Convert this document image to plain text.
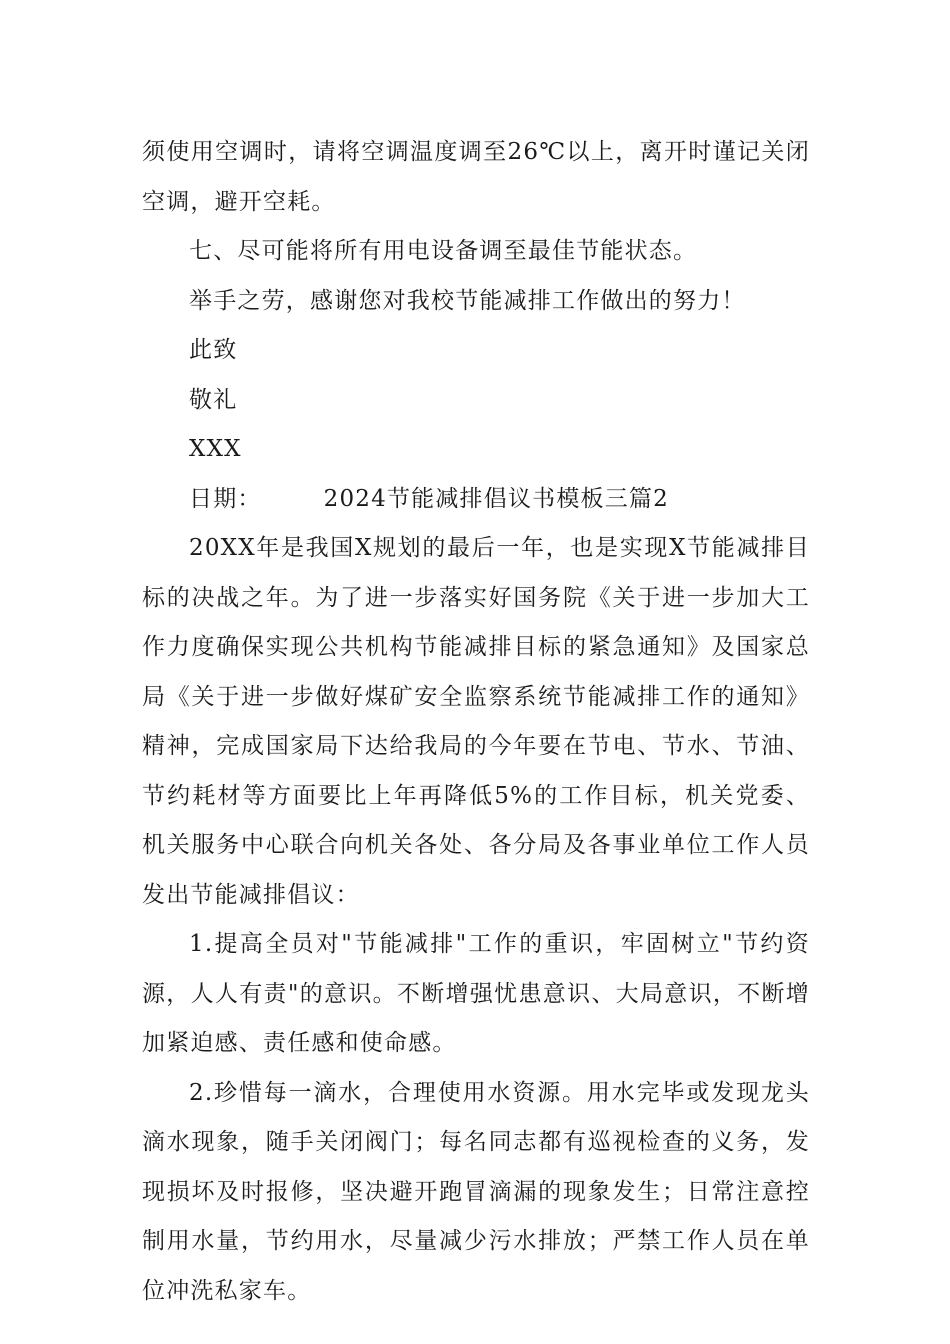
须使用空调时，请将空调温度调至26℃以上，离开时谨记关闭空调，避开空耗。

七、尽可能将所有用电设备调至最佳节能状态。

举手之劳，感谢您对我校节能减排工作做出的努力！

此致

敬礼

XXX

日期：	2024节能减排倡议书模板三篇2

20XX年是我国X规划的最后一年，也是实现X节能减排目标的决战之年。为了进一步落实好国务院《关于进一步加大工作力度确保实现公共机构节能减排目标的紧急通知》及国家总局《关于进一步做好煤矿安全监察系统节能减排工作的通知》精神，完成国家局下达给我局的今年要在节电、节水、节油、节约耗材等方面要比上年再降低5%的工作目标，机关党委、机关服务中心联合向机关各处、各分局及各事业单位工作人员发出节能减排倡议：

1.提高全员对"节能减排"工作的重识，牢固树立"节约资源，人人有责"的意识。不断增强忧患意识、大局意识，不断增加紧迫感、责任感和使命感。

2.珍惜每一滴水，合理使用水资源。用水完毕或发现龙头滴水现象，随手关闭阀门；每名同志都有巡视检查的义务，发现损坏及时报修，坚决避开跑冒滴漏的现象发生；日常注意控制用水量，节约用水，尽量减少污水排放；严禁工作人员在单位冲洗私家车。
